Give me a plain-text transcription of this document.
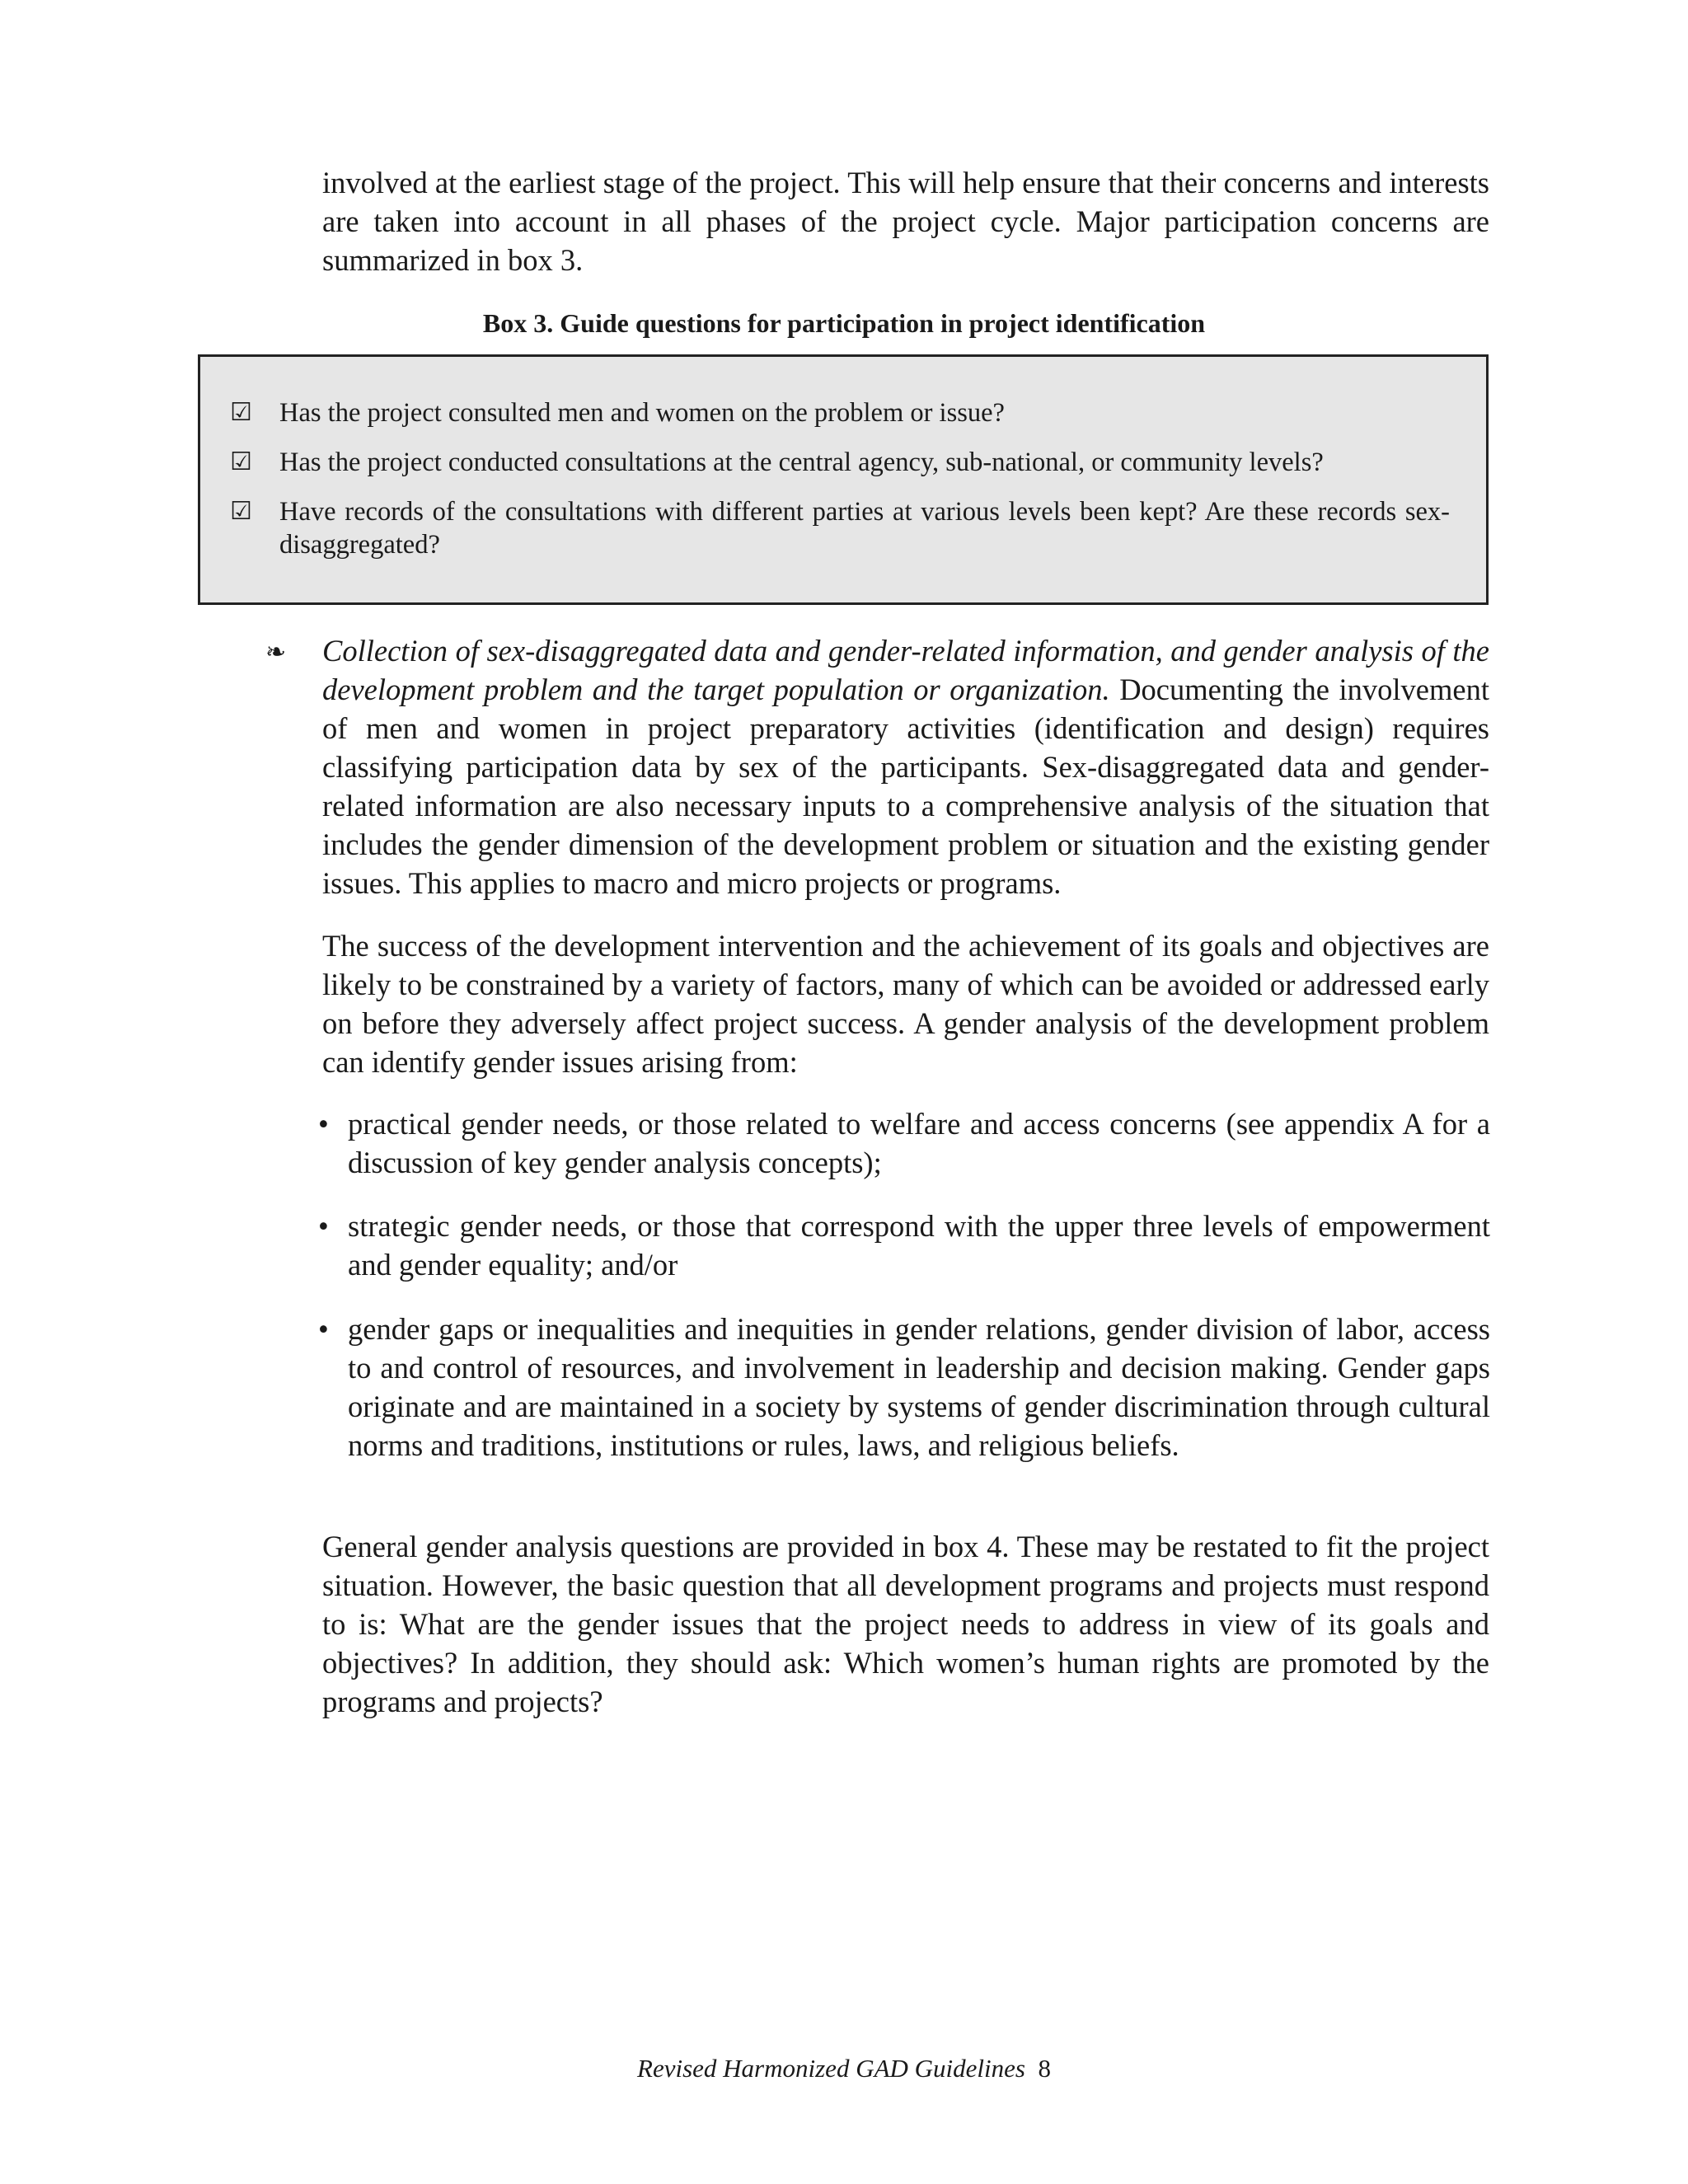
involved at the earliest stage of the project. This will help ensure that their concerns and interests are taken into account in all phases of the project cycle. Major participation concerns are summarized in box 3.

Box 3. Guide questions for participation in project identification
☑ Has the project consulted men and women on the problem or issue?
☑ Has the project conducted consultations at the central agency, sub-national, or community levels?
☑ Have records of the consultations with different parties at various levels been kept? Are these records sex-disaggregated?
❧ Collection of sex-disaggregated data and gender-related information, and gender analysis of the development problem and the target population or organization. Documenting the involvement of men and women in project preparatory activities (identification and design) requires classifying participation data by sex of the participants. Sex-disaggregated data and gender-related information are also necessary inputs to a comprehensive analysis of the situation that includes the gender dimension of the development problem or situation and the existing gender issues. This applies to macro and micro projects or programs.

The success of the development intervention and the achievement of its goals and objectives are likely to be constrained by a variety of factors, many of which can be avoided or addressed early on before they adversely affect project success. A gender analysis of the development problem can identify gender issues arising from:

• practical gender needs, or those related to welfare and access concerns (see appendix A for a discussion of key gender analysis concepts);
• strategic gender needs, or those that correspond with the upper three levels of empowerment and gender equality; and/or
• gender gaps or inequalities and inequities in gender relations, gender division of labor, access to and control of resources, and involvement in leadership and decision making. Gender gaps originate and are maintained in a society by systems of gender discrimination through cultural norms and traditions, institutions or rules, laws, and religious beliefs.

General gender analysis questions are provided in box 4. These may be restated to fit the project situation. However, the basic question that all development programs and projects must respond to is: What are the gender issues that the project needs to address in view of its goals and objectives? In addition, they should ask: Which women’s human rights are promoted by the programs and projects?

Revised Harmonized GAD Guidelines 8
